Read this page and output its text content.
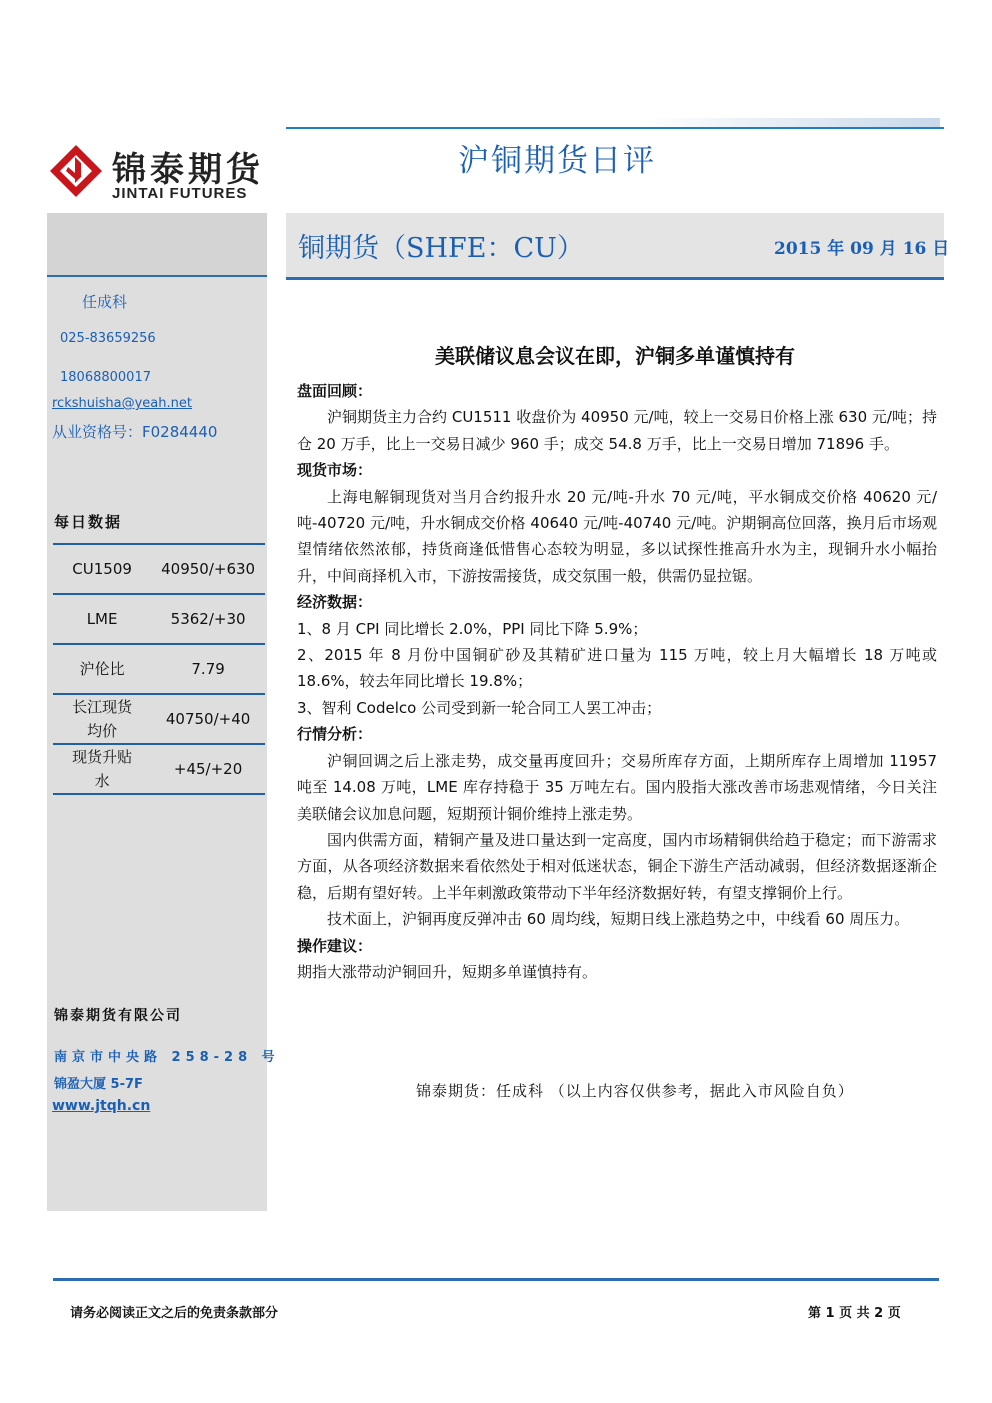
锦泰期货
JINTAI FUTURES
沪铜期货日评
任成科
025-83659256
18068800017
rckshuisha@yeah.net
从业资格号：F0284440
每日数据
CU1509	40950/+630
LME	5362/+30
沪伦比	7.79
长江现货均价	40750/+40
现货升贴水	+45/+20
锦泰期货有限公司
南京市中央路 258-28 号
锦盈大厦 5-7F
www.jtqh.cn
铜期货（SHFE：CU）	2015 年 09 月 16 日
美联储议息会议在即，沪铜多单谨慎持有

盘面回顾：

沪铜期货主力合约 CU1511 收盘价为 40950 元/吨，较上一交易日价格上涨 630 元/吨；持仓 20 万手，比上一交易日减少 960 手；成交 54.8 万手，比上一交易日增加 71896 手。

现货市场：

上海电解铜现货对当月合约报升水 20 元/吨-升水 70 元/吨，平水铜成交价格 40620 元/吨-40720 元/吨，升水铜成交价格 40640 元/吨-40740 元/吨。沪期铜高位回落，换月后市场观望情绪依然浓郁，持货商逢低惜售心态较为明显，多以试探性推高升水为主，现铜升水小幅抬升，中间商择机入市，下游按需接货，成交氛围一般，供需仍显拉锯。

经济数据：

1、8 月 CPI 同比增长 2.0%，PPI 同比下降 5.9%；

2、2015 年 8 月份中国铜矿砂及其精矿进口量为 115 万吨，较上月大幅增长 18 万吨或 18.6%，较去年同比增长 19.8%；

3、智利 Codelco 公司受到新一轮合同工人罢工冲击；

行情分析：

沪铜回调之后上涨走势，成交量再度回升；交易所库存方面，上期所库存上周增加 11957 吨至 14.08 万吨，LME 库存持稳于 35 万吨左右。国内股指大涨改善市场悲观情绪，今日关注美联储会议加息问题，短期预计铜价维持上涨走势。

国内供需方面，精铜产量及进口量达到一定高度，国内市场精铜供给趋于稳定；而下游需求方面，从各项经济数据来看依然处于相对低迷状态，铜企下游生产活动减弱，但经济数据逐渐企稳，后期有望好转。上半年刺激政策带动下半年经济数据好转，有望支撑铜价上行。

技术面上，沪铜再度反弹冲击 60 周均线，短期日线上涨趋势之中，中线看 60 周压力。

操作建议：

期指大涨带动沪铜回升，短期多单谨慎持有。

锦泰期货：任成科 （以上内容仅供参考，据此入市风险自负）
请务必阅读正文之后的免责条款部分	第 1 页 共 2 页
